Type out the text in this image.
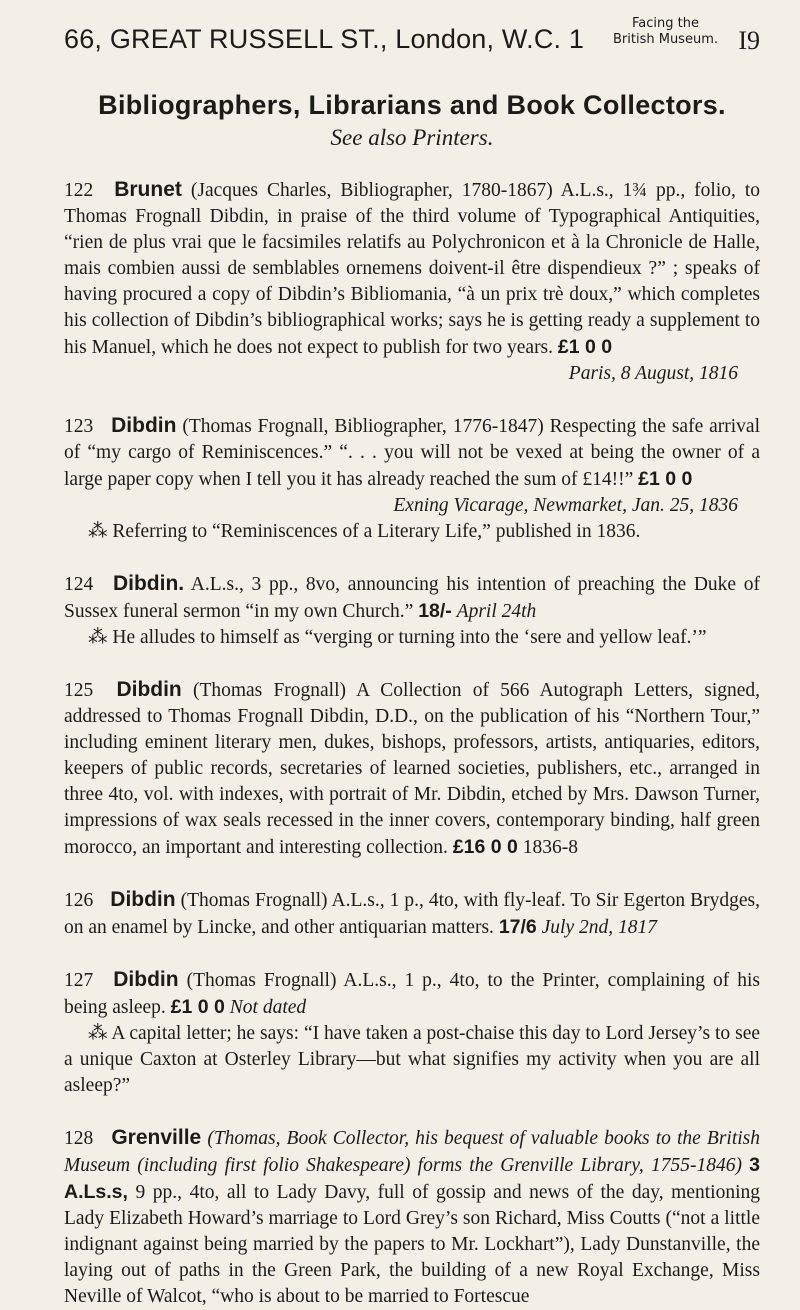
66, GREAT RUSSELL ST., London, W.C. 1
Facing the
British Museum. I9
Bibliographers, Librarians and Book Collectors.
See also Printers.

122 Brunet (Jacques Charles, Bibliographer, 1780-1867) A.L.s., 1¾ pp., folio, to Thomas Frognall Dibdin, in praise of the third volume of Typographical Antiquities, “rien de plus vrai que le facsimiles relatifs au Polychronicon et à la Chronicle de Halle, mais combien aussi de semblables ornemens doivent-il être dispendieux ?” ; speaks of having procured a copy of Dibdin’s Bibliomania, “à un prix trè doux,” which completes his collection of Dibdin’s bibliographical works; says he is getting ready a supplement to his Manuel, which he does not expect to publish for two years. £1 0 0

Paris, 8 August, 1816

123 Dibdin (Thomas Frognall, Bibliographer, 1776-1847) Respecting the safe arrival of “my cargo of Reminiscences.” “. . . you will not be vexed at being the owner of a large paper copy when I tell you it has already reached the sum of £14!!” £1 0 0

Exning Vicarage, Newmarket, Jan. 25, 1836

⁂ Referring to “Reminiscences of a Literary Life,” published in 1836.

124 Dibdin. A.L.s., 3 pp., 8vo, announcing his intention of preaching the Duke of Sussex funeral sermon “in my own Church.” 18/- April 24th

⁂ He alludes to himself as “verging or turning into the ‘sere and yellow leaf.’”

125 Dibdin (Thomas Frognall) A Collection of 566 Autograph Letters, signed, addressed to Thomas Frognall Dibdin, D.D., on the publication of his “Northern Tour,” including eminent literary men, dukes, bishops, professors, artists, antiquaries, editors, keepers of public records, secretaries of learned societies, publishers, etc., arranged in three 4to, vol. with indexes, with portrait of Mr. Dibdin, etched by Mrs. Dawson Turner, impressions of wax seals recessed in the inner covers, contemporary binding, half green morocco, an important and interesting collection. £16 0 0 1836-8

126 Dibdin (Thomas Frognall) A.L.s., 1 p., 4to, with fly-leaf. To Sir Egerton Brydges, on an enamel by Lincke, and other antiquarian matters. 17/6 July 2nd, 1817

127 Dibdin (Thomas Frognall) A.L.s., 1 p., 4to, to the Printer, complaining of his being asleep. £1 0 0 Not dated

⁂ A capital letter; he says: “I have taken a post-chaise this day to Lord Jersey’s to see a unique Caxton at Osterley Library—but what signifies my activity when you are all asleep?”

128 Grenville (Thomas, Book Collector, his bequest of valuable books to the British Museum (including first folio Shakespeare) forms the Grenville Library, 1755-1846) 3 A.Ls.s, 9 pp., 4to, all to Lady Davy, full of gossip and news of the day, mentioning Lady Elizabeth Howard’s marriage to Lord Grey’s son Richard, Miss Coutts (“not a little indignant against being married by the papers to Mr. Lockhart”), Lady Dunstanville, the laying out of paths in the Green Park, the building of a new Royal Exchange, Miss Neville of Walcot, “who is about to be married to Fortescue
